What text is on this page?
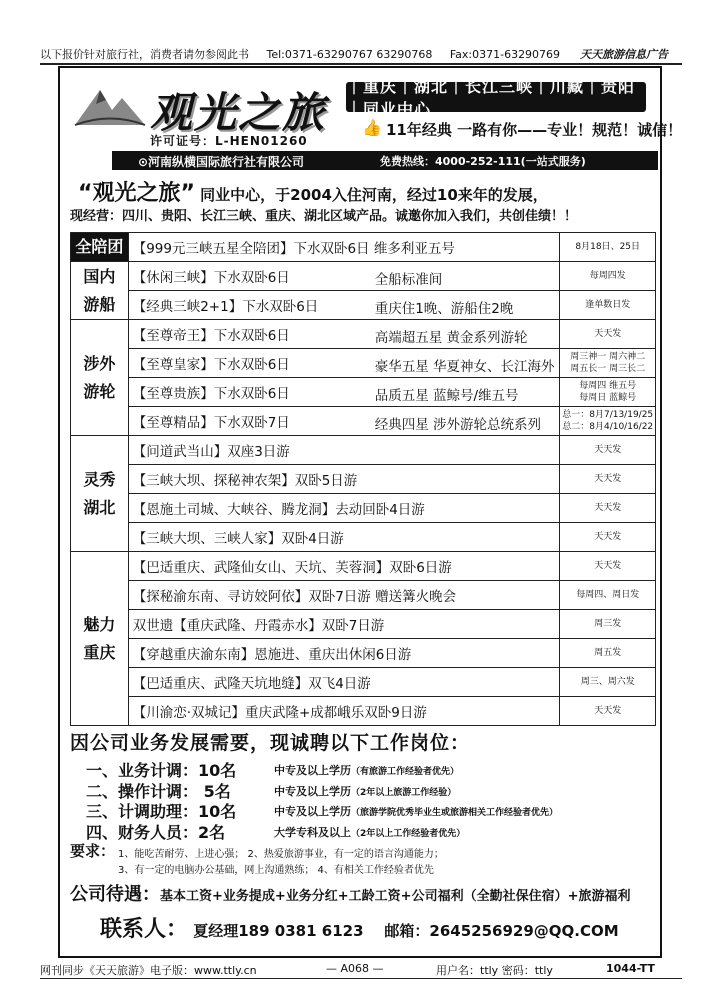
以下报价针对旅行社，消费者请勿参阅此书 Tel:0371-63290767 63290768 Fax:0371-63290769 天天旅游信息广告
观光之旅
许可证号：L-HEN01260
｜重庆｜湖北｜长江三峡｜川藏｜贵阳｜同业中心
👍 11年经典 一路有你——专业！规范！诚信！
⊙河南纵横国际旅行社有限公司	免费热线：4000-252-111(一站式服务)
“观光之旅” 同业中心，于2004入住河南，经过10来年的发展，
现经营：四川、贵阳、长江三峡、重庆、湖北区域产品。诚邀你加入我们，共创佳绩！！
全陪团	【999元三峡五星全陪团】下水双卧6日 维多利亚五号	8月18日、25日
国内
游船	【休闲三峡】下水双卧6日 全船标准间	每周四发
	【经典三峡2+1】下水双卧6日 重庆住1晚、游船住2晚	逢单数日发
涉外
游轮	【至尊帝王】下水双卧6日 高端超五星 黄金系列游轮	天天发
	【至尊皇家】下水双卧6日 豪华五星 华夏神女、长江海外	周三神一 周六神二
周五长一 周三长二
	【至尊贵族】下水双卧6日 品质五星 蓝鲸号/维五号	每周四 维五号
每周日 蓝鲸号
	【至尊精品】下水双卧7日 经典四星 涉外游轮总统系列	总一：8月7/13/19/25
总二：8月4/10/16/22
灵秀
湖北	【问道武当山】双座3日游	天天发
	【三峡大坝、探秘神农架】双卧5日游	天天发
	【恩施土司城、大峡谷、腾龙洞】去动回卧4日游	天天发
	【三峡大坝、三峡人家】双卧4日游	天天发
魅力
重庆	【巴适重庆、武隆仙女山、天坑、芙蓉洞】双卧6日游	天天发
	【探秘渝东南、寻访姣阿依】双卧7日游 赠送篝火晚会	每周四、周日发
	双世遗【重庆武隆、丹霞赤水】双卧7日游	周三发
	【穿越重庆渝东南】恩施进、重庆出休闲6日游	周五发
	【巴适重庆、武隆天坑地缝】双飞4日游	周三、周六发
	【川渝恋·双城记】重庆武隆+成都峨乐双卧9日游	天天发
因公司业务发展需要，现诚聘以下工作岗位：
一、业务计调：10名	中专及以上学历（有旅游工作经验者优先）
二、操作计调： 5名	中专及以上学历（2年以上旅游工作经验）
三、计调助理：10名	中专及以上学历（旅游学院优秀毕业生或旅游相关工作经验者优先）
四、财务人员：2名	大学专科及以上（2年以上工作经验者优先）
要求： 1、能吃苦耐劳、上进心强； 2、热爱旅游事业，有一定的语言沟通能力；
3、有一定的电脑办公基础，网上沟通熟练； 4、有相关工作经验者优先
公司待遇：基本工资+业务提成+业务分红+工龄工资+公司福利（全勤社保住宿）+旅游福利
联系人： 夏经理189 0381 6123 邮箱：2645256929@QQ.COM
网刊同步《天天旅游》电子版：www.ttly.cn	— A068 —	用户名：ttly 密码：ttly	1044-TT
